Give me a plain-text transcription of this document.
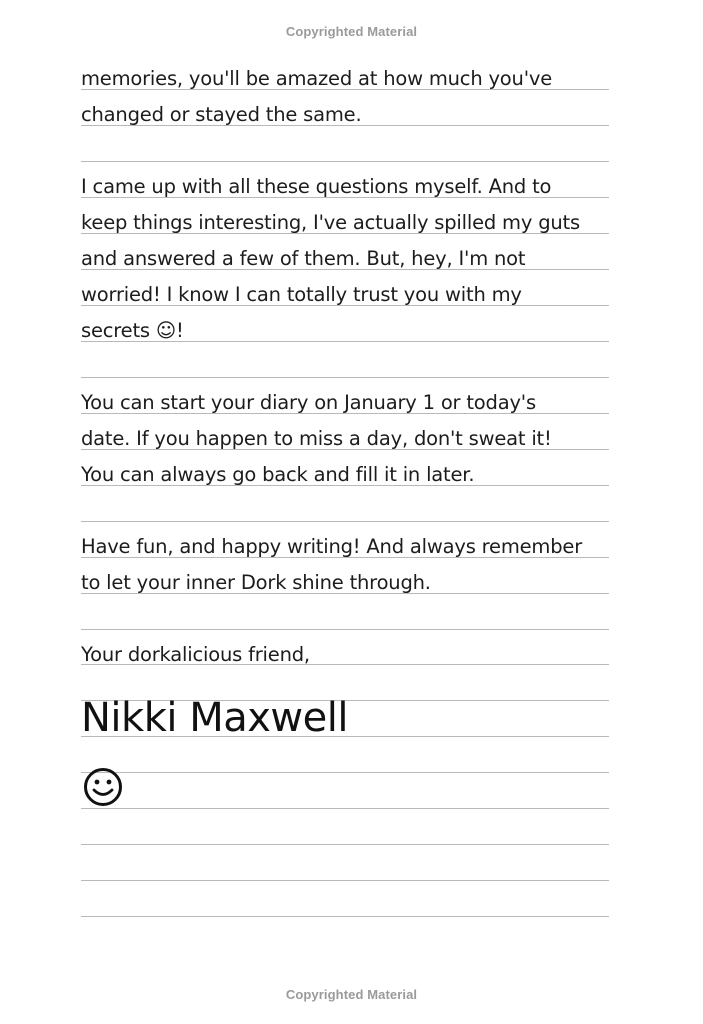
Copyrighted Material
memories, you'll be amazed at how much you've
changed or stayed the same.
I came up with all these questions myself. And to
keep things interesting, I've actually spilled my guts
and answered a few of them. But, hey, I'm not
worried! I know I can totally trust you with my
secrets ☺!
You can start your diary on January 1 or today's
date. If you happen to miss a day, don't sweat it!
You can always go back and fill it in later.
Have fun, and happy writing! And always remember
to let your inner Dork shine through.
Your dorkalicious friend,
Nikki Maxwell
Copyrighted Material
